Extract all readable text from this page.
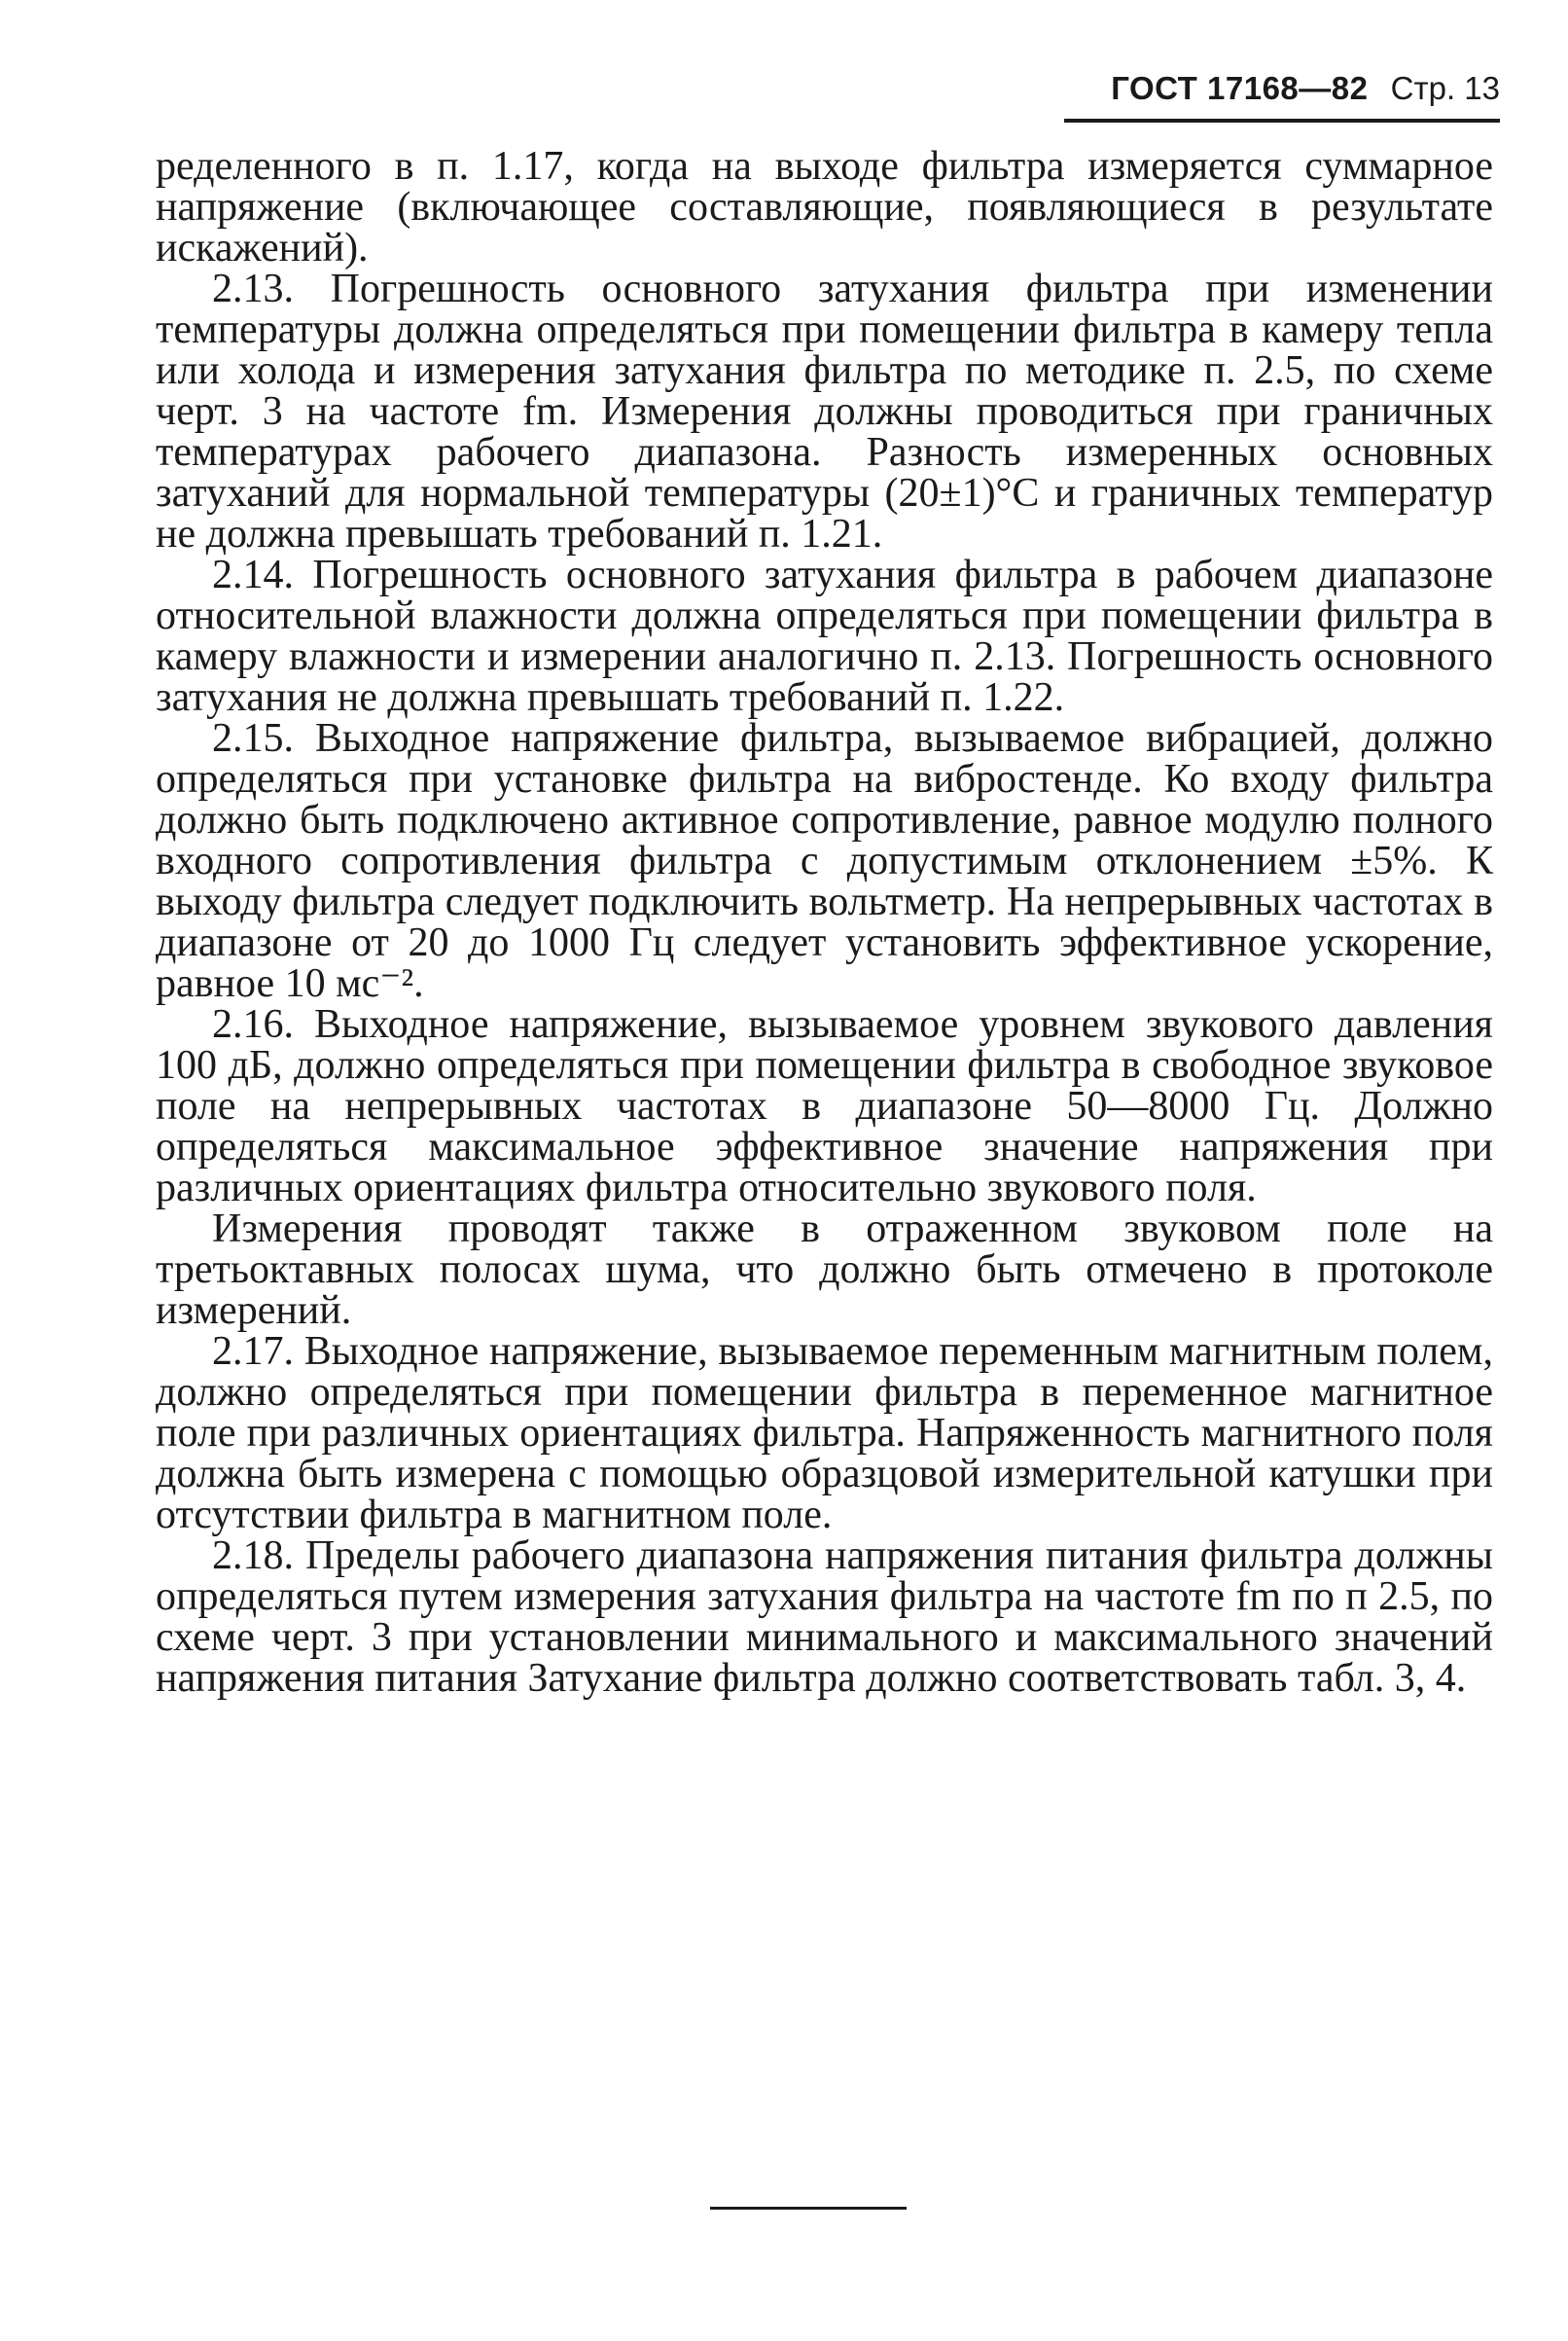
ГОСТ 17168—82 Стр. 13

ределенного в п. 1.17, когда на выходе фильтра измеряется суммарное напряжение (включающее составляющие, появляющиеся в результате искажений).

2.13. Погрешность основного затухания фильтра при изменении температуры должна определяться при помещении фильтра в камеру тепла или холода и измерения затухания фильтра по методике п. 2.5, по схеме черт. 3 на частоте fm. Измерения должны проводиться при граничных температурах рабочего диапазона. Разность измеренных основных затуханий для нормальной температуры (20±1)°C и граничных температур не должна превышать требований п. 1.21.

2.14. Погрешность основного затухания фильтра в рабочем диапазоне относительной влажности должна определяться при помещении фильтра в камеру влажности и измерении аналогично п. 2.13. Погрешность основного затухания не должна превышать требований п. 1.22.

2.15. Выходное напряжение фильтра, вызываемое вибрацией, должно определяться при установке фильтра на вибростенде. Ко входу фильтра должно быть подключено активное сопротивление, равное модулю полного входного сопротивления фильтра с допустимым отклонением ±5%. К выходу фильтра следует подключить вольтметр. На непрерывных частотах в диапазоне от 20 до 1000 Гц следует установить эффективное ускорение, равное 10 мс⁻².

2.16. Выходное напряжение, вызываемое уровнем звукового давления 100 дБ, должно определяться при помещении фильтра в свободное звуковое поле на непрерывных частотах в диапазоне 50—8000 Гц. Должно определяться максимальное эффективное значение напряжения при различных ориентациях фильтра относительно звукового поля.

Измерения проводят также в отраженном звуковом поле на третьоктавных полосах шума, что должно быть отмечено в протоколе измерений.

2.17. Выходное напряжение, вызываемое переменным магнитным полем, должно определяться при помещении фильтра в переменное магнитное поле при различных ориентациях фильтра. Напряженность магнитного поля должна быть измерена с помощью образцовой измерительной катушки при отсутствии фильтра в магнитном поле.

2.18. Пределы рабочего диапазона напряжения питания фильтра должны определяться путем измерения затухания фильтра на частоте fm по п 2.5, по схеме черт. 3 при установлении минимального и максимального значений напряжения питания Затухание фильтра должно соответствовать табл. 3, 4.
